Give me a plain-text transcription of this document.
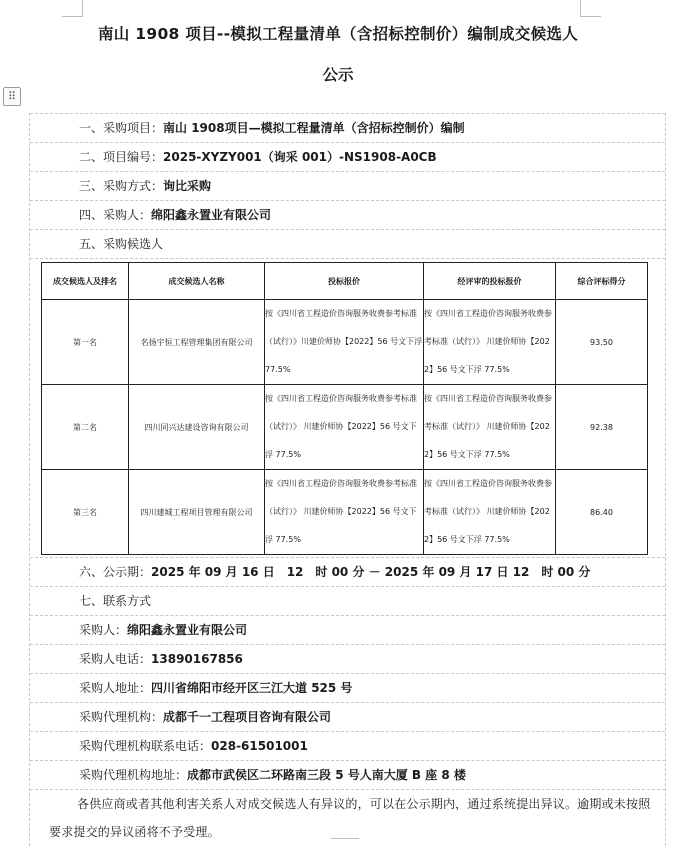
南山 1908 项目--模拟工程量清单（含招标控制价）编制成交候选人
公示
⠿
一、采购项目：南山 1908项目—模拟工程量清单（含招标控制价）编制
二、项目编号：2025-XYZY001（询采 001）-NS1908-A0CB
三、采购方式：询比采购
四、采购人：绵阳鑫永置业有限公司
五、采购候选人
成交候选人及排名	成交候选人名称	投标报价	经评审的投标报价	综合评标得分
第一名	名扬宇恒工程管理集团有限公司	按《四川省工程造价咨询服务收费参考标准（试行）》川建价师协【2022】56 号文下浮 77.5%	按《四川省工程造价咨询服务收费参考标准（试行）》 川建价师协【2022】56 号文下浮 77.5%	93.50
第二名	四川同兴达建设咨询有限公司	按《四川省工程造价咨询服务收费参考标准（试行）》 川建价师协【2022】56 号文下浮 77.5%	按《四川省工程造价咨询服务收费参考标准（试行）》 川建价师协【2022】56 号文下浮 77.5%	92.38
第三名	四川建城工程项目管理有限公司	按《四川省工程造价咨询服务收费参考标准（试行）》 川建价师协【2022】56 号文下浮 77.5%	按《四川省工程造价咨询服务收费参考标准（试行）》 川建价师协【2022】56 号文下浮 77.5%	86.40
六、公示期：2025 年 09 月 16 日　12　时 00 分 － 2025 年 09 月 17 日 12　时 00 分
七、联系方式
采购人：绵阳鑫永置业有限公司
采购人电话：13890167856
采购人地址：四川省绵阳市经开区三江大道 525 号
采购代理机构：成都千一工程项目咨询有限公司
采购代理机构联系电话：028-61501001
采购代理机构地址：成都市武侯区二环路南三段 5 号人南大厦 B 座 8 楼
各供应商或者其他利害关系人对成交候选人有异议的，可以在公示期内，通过系统提出异议。逾期或未按照要求提交的异议函将不予受理。
